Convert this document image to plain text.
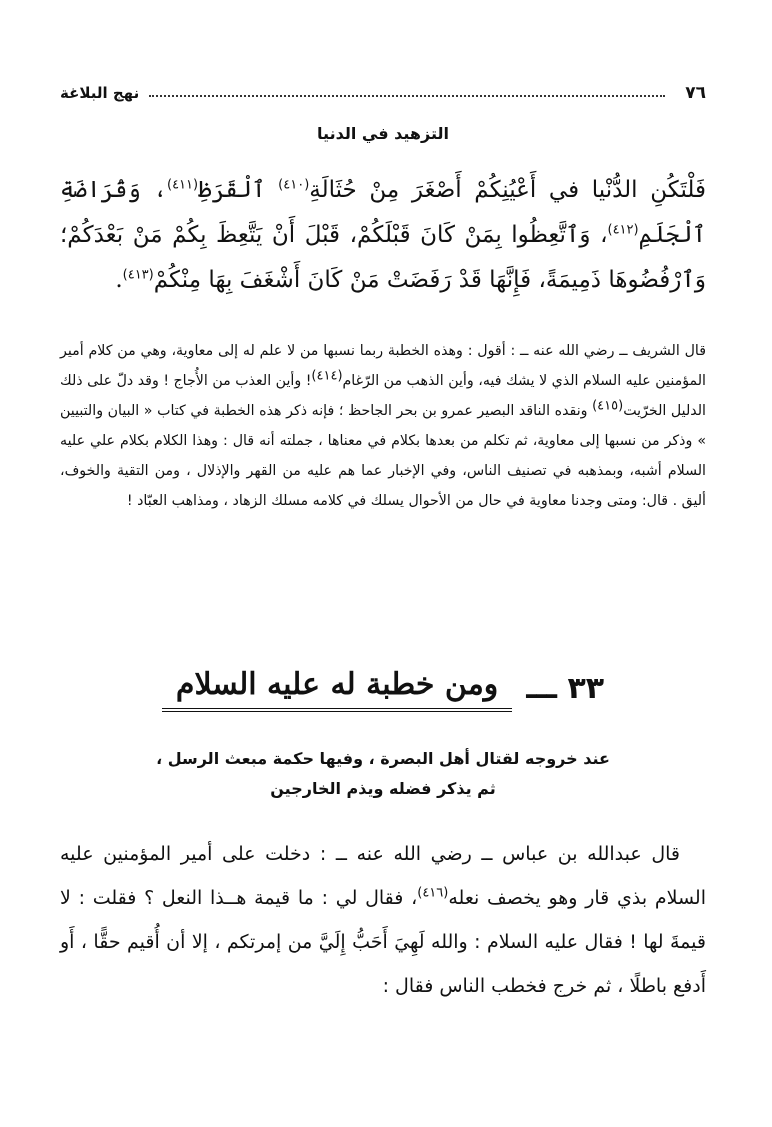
٧٦
نهج البلاغة
التزهيد في الدنيا
فَلْتَكُنِ الدُّنْيا في أَعْيُنِكُمْ أَصْغَرَ مِنْ حُثَالَةِ$^{(٤١٠)}$ ٱلْقَرَظِ$^{(٤١١)}$، وَقُرَاضَةِ ٱلْجَلَمِ$^{(٤١٢)}$، وَٱتَّعِظُوا بِمَنْ كَانَ قَبْلَكُمْ، قَبْلَ أَنْ يَتَّعِظَ بِكُمْ مَنْ بَعْدَكُمْ؛ وَٱرْفُضُوهَا ذَمِيمَةً، فَإِنَّهَا قَدْ رَفَضَتْ مَنْ كَانَ أَشْغَفَ بِهَا مِنْكُمْ$^{(٤١٣)}$.
قال الشريف ــ رضي الله عنه ــ : أقول : وهذه الخطبة ربما نسبها من لا علم له إلى معاوية، وهي من كلام أمير المؤمنين عليه السلام الذي لا يشك فيه، وأين الذهب من الرّغام$^{(٤١٤)}$! وأين العذب من الأُجاج ! وقد دلّ على ذلك الدليل الخرّيت$^{(٤١٥)}$ ونقده الناقد البصير عمرو بن بحر الجاحظ ؛ فإنه ذكر هذه الخطبة في كتاب « البيان والتبيين » وذكر من نسبها إلى معاوية، ثم تكلم من بعدها بكلام في معناها ، جملته أنه قال : وهذا الكلام بكلام علي عليه السلام أشبه، وبمذهبه في تصنيف الناس، وفي الإخبار عما هم عليه من القهر والإذلال ، ومن التقية والخوف، أليق . قال: ومتى وجدنا معاوية في حال من الأحوال يسلك في كلامه مسلك الزهاد ، ومذاهب العبّاد !
٣٣ ـــ
ومن خطبة له عليه السلام
عند خروجه لقتال أهل البصرة ، وفيها حكمة مبعث الرسل ،
ثم يذكر فضله ويذم الخارجين
قال عبدالله بن عباس ــ رضي الله عنه ــ : دخلت على أمير المؤمنين عليه السلام بذي قار وهو يخصف نعله$^{(٤١٦)}$، فقال لي : ما قيمة هــذا النعل ؟ فقلت : لا قيمةَ لها ! فقال عليه السلام : والله لَهِيَ أَحَبُّ إِلَيَّ من إمرتكم ، إلا أن أُقيم حقًّا ، أَو أَدفع باطلًا ، ثم خرج فخطب الناس فقال :
